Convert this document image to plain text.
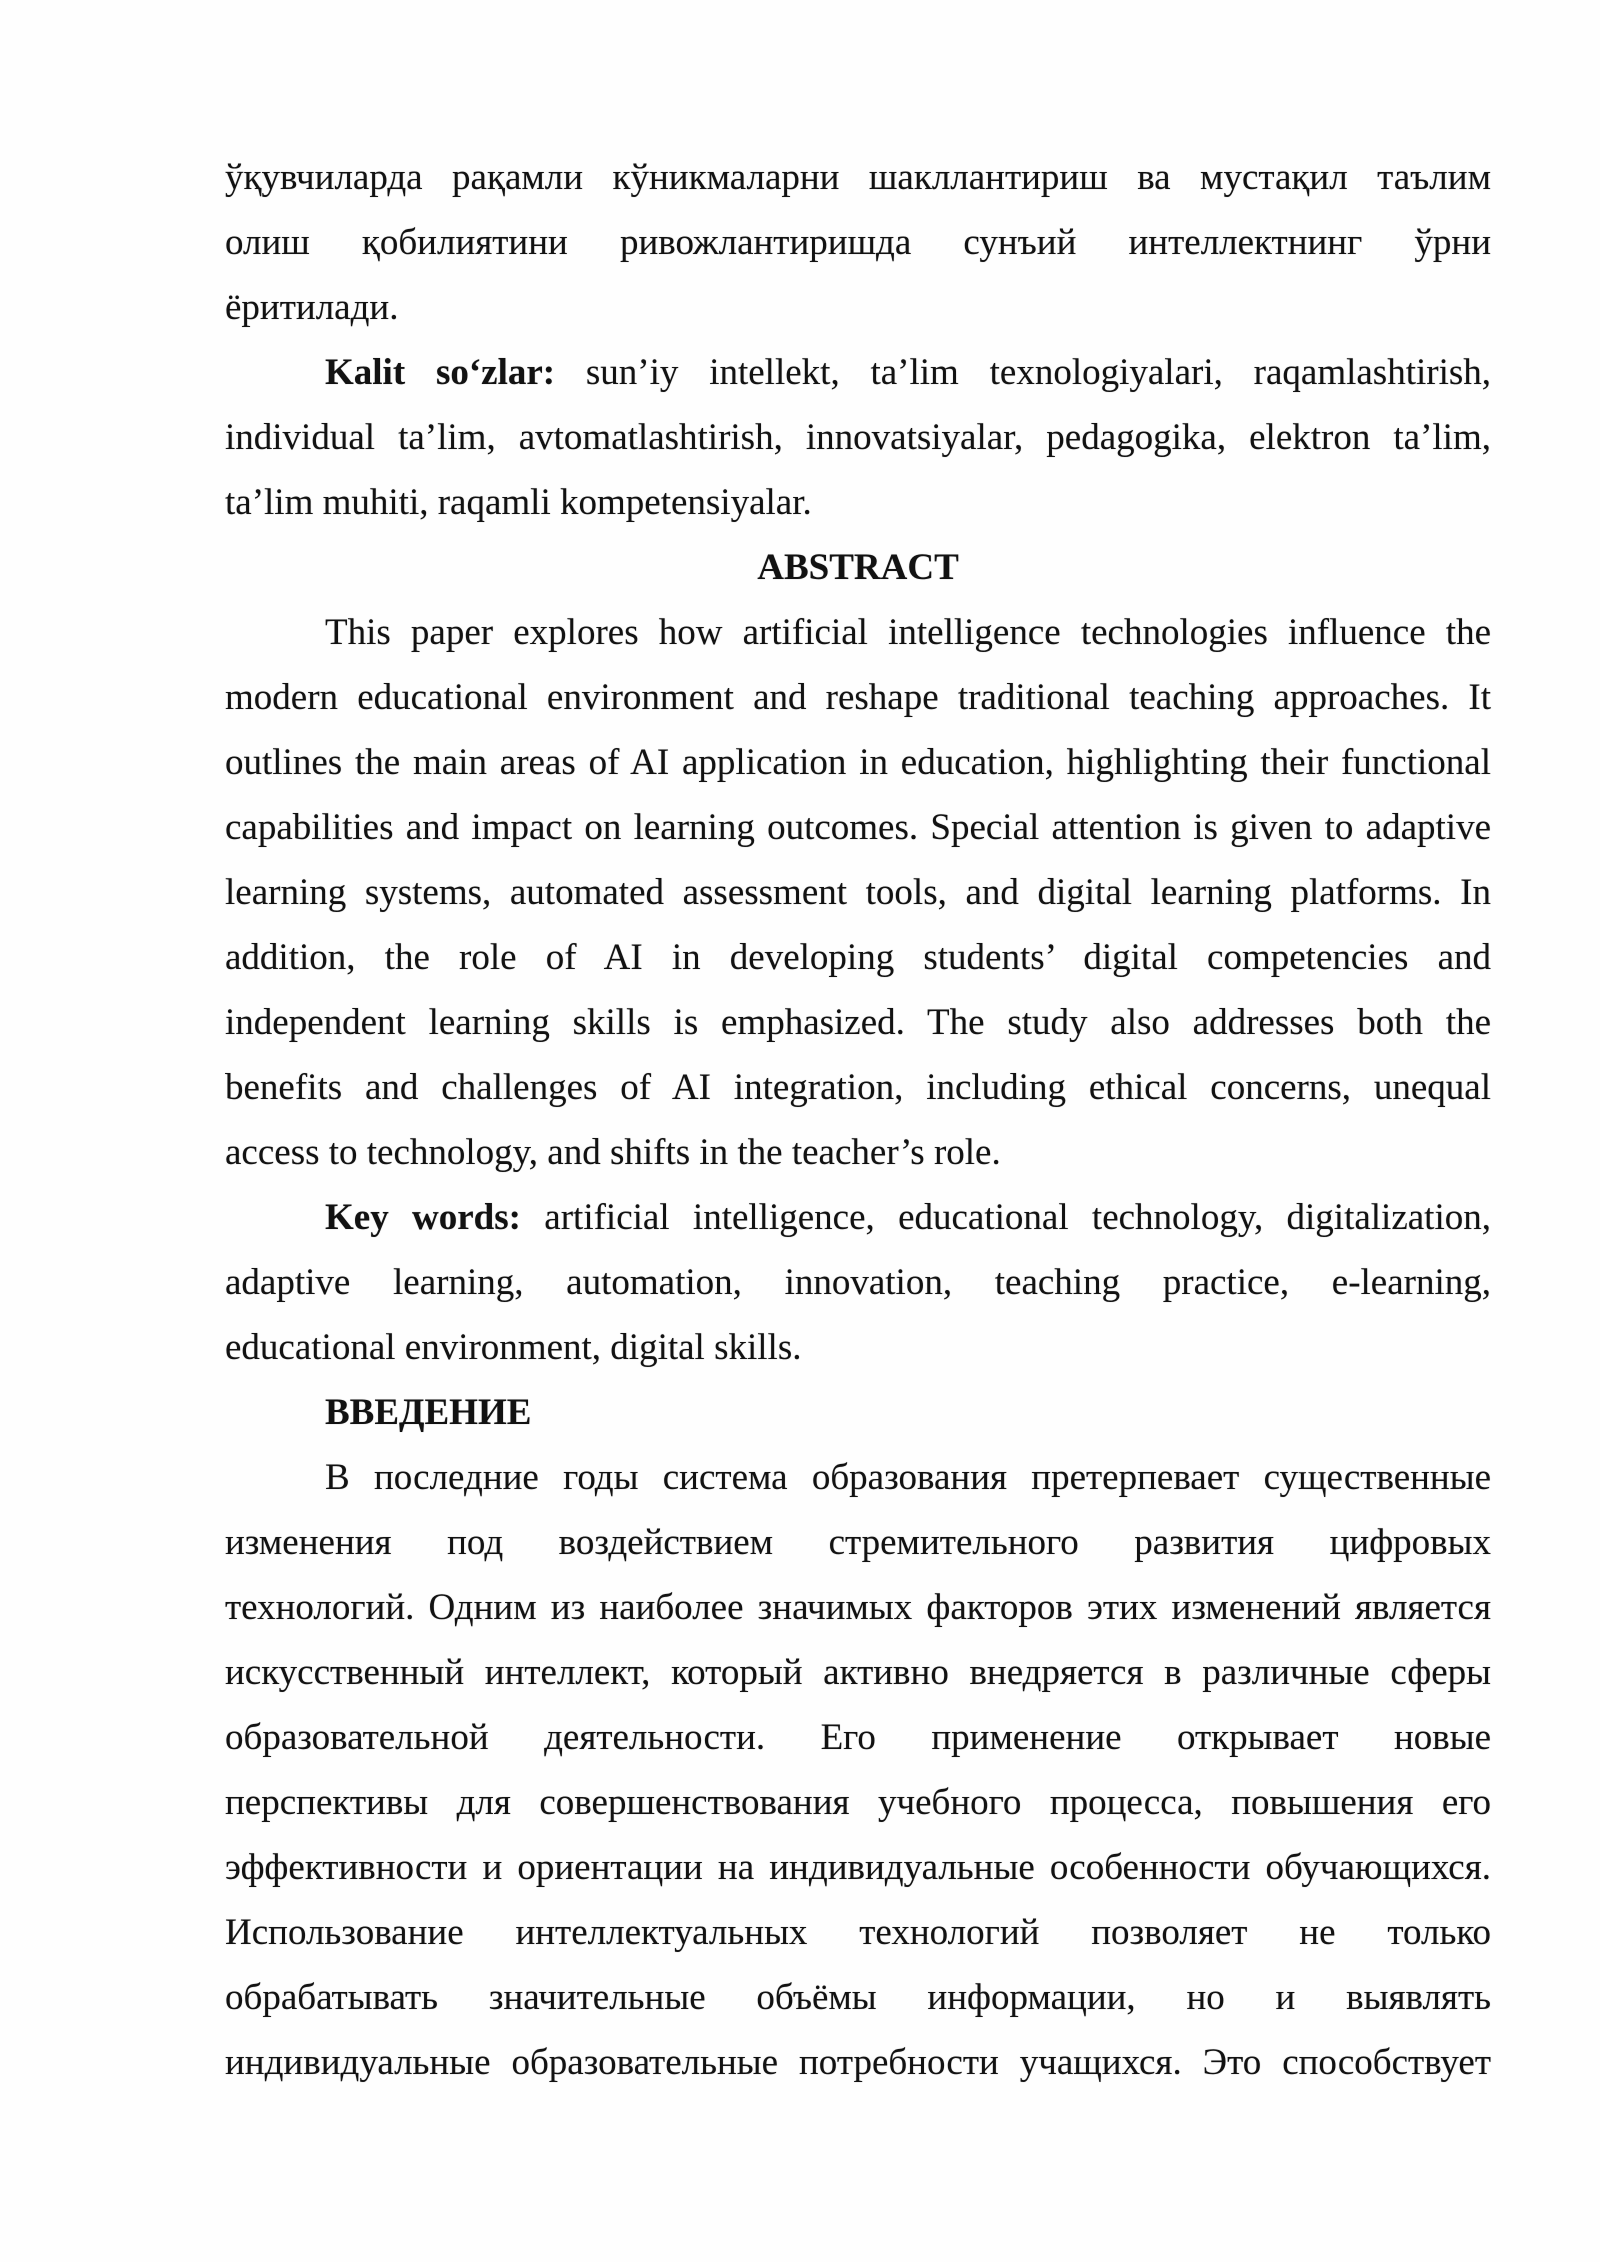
ўқувчиларда рақамли кўникмаларни шакллантириш ва мустақил таълим
олиш қобилиятини ривожлантиришда сунъий интеллектнинг ўрни
ёритилади.
Kalit so‘zlar: sun’iy intellekt, ta’lim texnologiyalari, raqamlashtirish,
individual ta’lim, avtomatlashtirish, innovatsiyalar, pedagogika, elektron ta’lim,
ta’lim muhiti, raqamli kompetensiyalar.
ABSTRACT
This paper explores how artificial intelligence technologies influence the
modern educational environment and reshape traditional teaching approaches. It
outlines the main areas of AI application in education, highlighting their functional
capabilities and impact on learning outcomes. Special attention is given to adaptive
learning systems, automated assessment tools, and digital learning platforms. In
addition, the role of AI in developing students’ digital competencies and
independent learning skills is emphasized. The study also addresses both the
benefits and challenges of AI integration, including ethical concerns, unequal
access to technology, and shifts in the teacher’s role.
Key words: artificial intelligence, educational technology, digitalization,
adaptive learning, automation, innovation, teaching practice, e-learning,
educational environment, digital skills.
ВВЕДЕНИЕ
В последние годы система образования претерпевает существенные
изменения под воздействием стремительного развития цифровых
технологий. Одним из наиболее значимых факторов этих изменений является
искусственный интеллект, который активно внедряется в различные сферы
образовательной деятельности. Его применение открывает новые
перспективы для совершенствования учебного процесса, повышения его
эффективности и ориентации на индивидуальные особенности обучающихся.
Использование интеллектуальных технологий позволяет не только
обрабатывать значительные объёмы информации, но и выявлять
индивидуальные образовательные потребности учащихся. Это способствует
